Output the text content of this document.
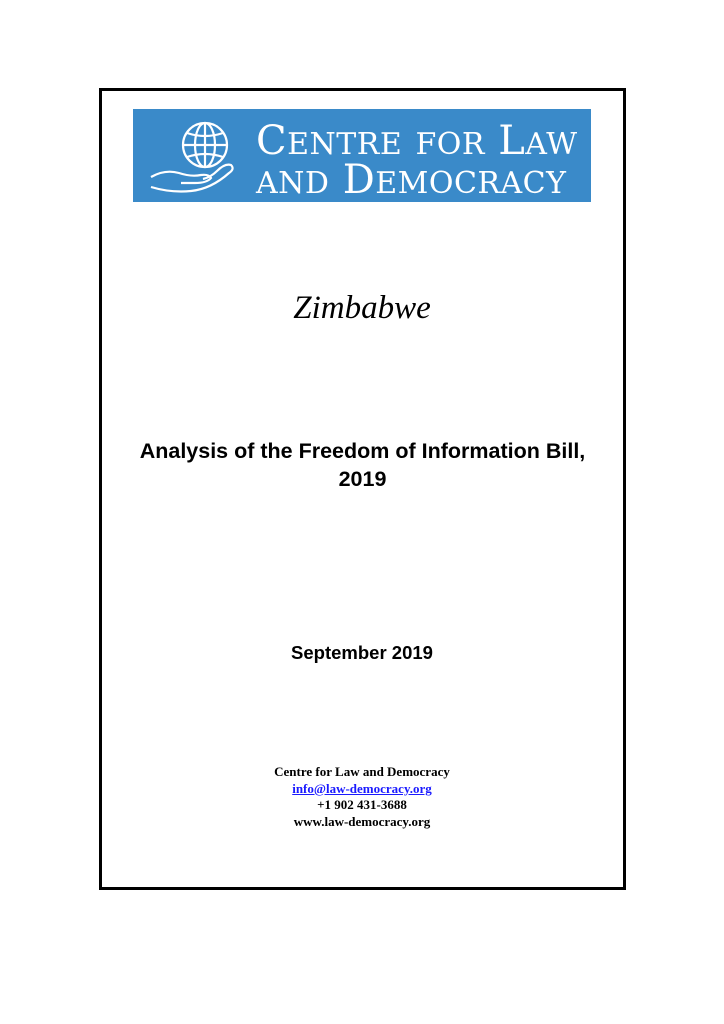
CENTRE FOR LAW
AND DEMOCRACY
Zimbabwe
Analysis of the Freedom of Information Bill,
2019
September 2019
Centre for Law and Democracy
info@law-democracy.org
+1 902 431-3688
www.law-democracy.org
